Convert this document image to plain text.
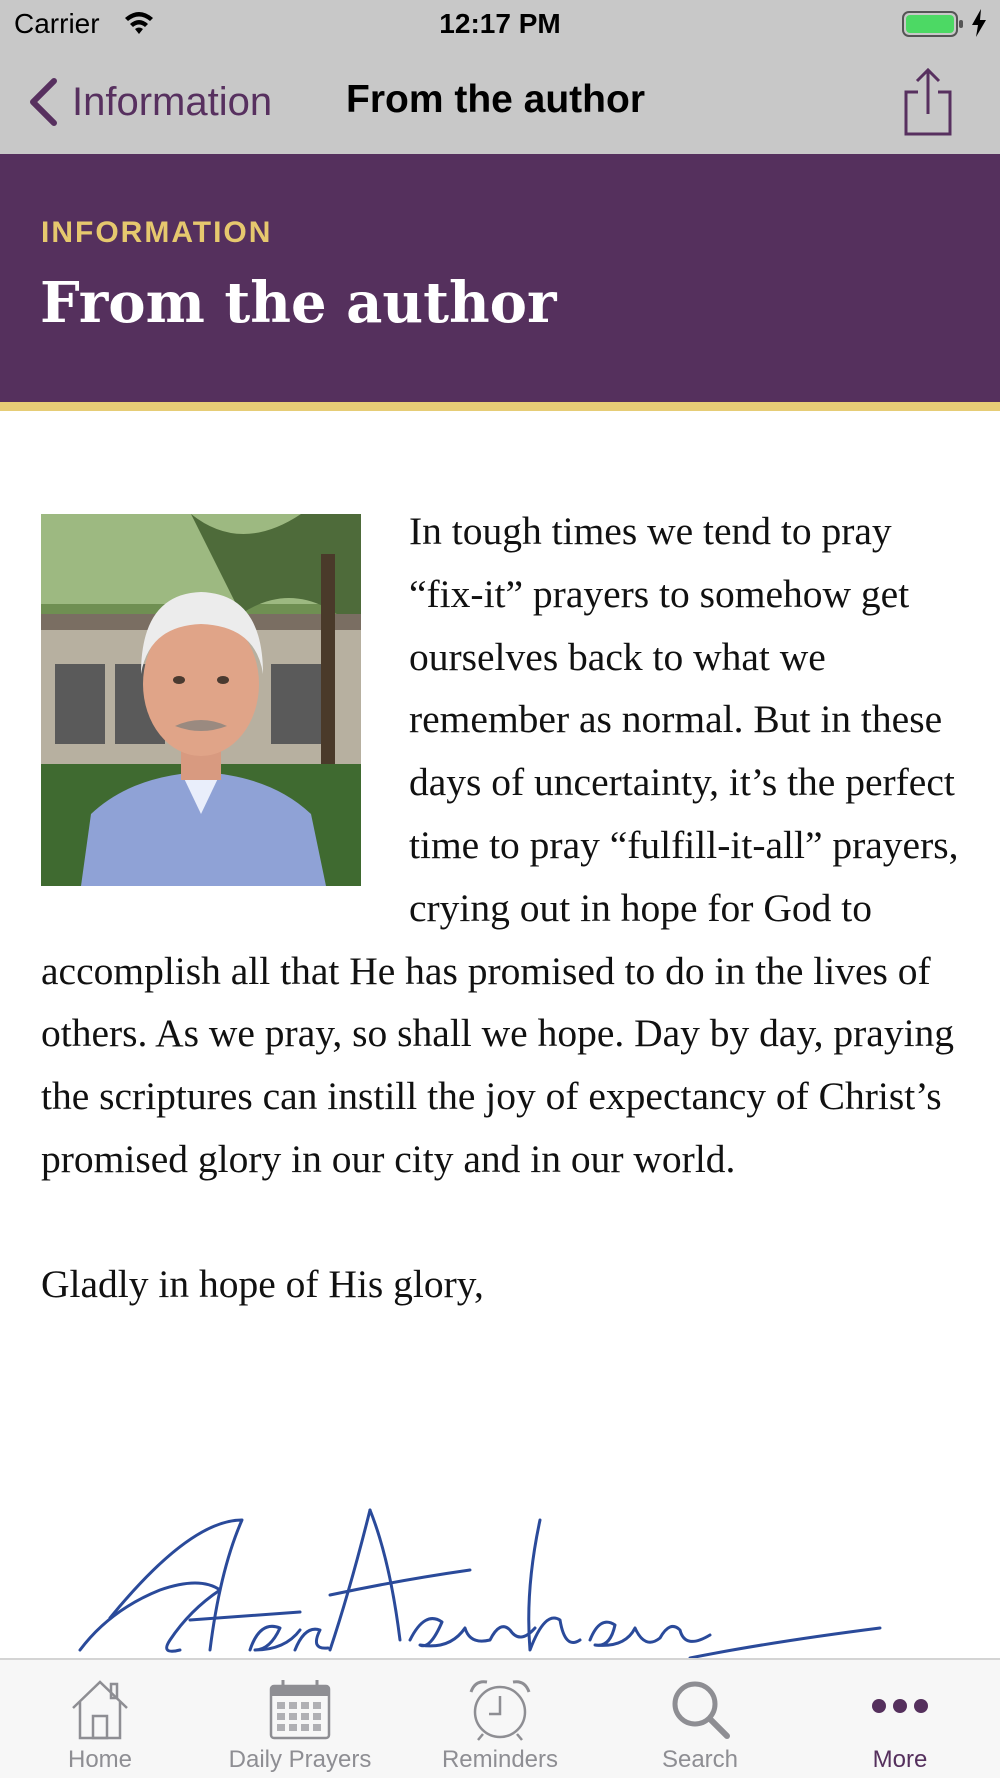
Carrier	12:17 PM
Information From the author
INFORMATION
From the author

In tough times we tend to pray “fix-it” prayers to somehow get ourselves back to what we remember as normal. But in these days of uncertainty, it’s the perfect time to pray “fulfill-it-all” prayers, crying out in hope for God to accomplish all that He has promised to do in the lives of others. As we pray, so shall we hope. Day by day, praying the scriptures can instill the joy of expectancy of Christ’s promised glory in our city and in our world.

Gladly in hope of His glory,

Home	Daily Prayers	Reminders	Search	More
